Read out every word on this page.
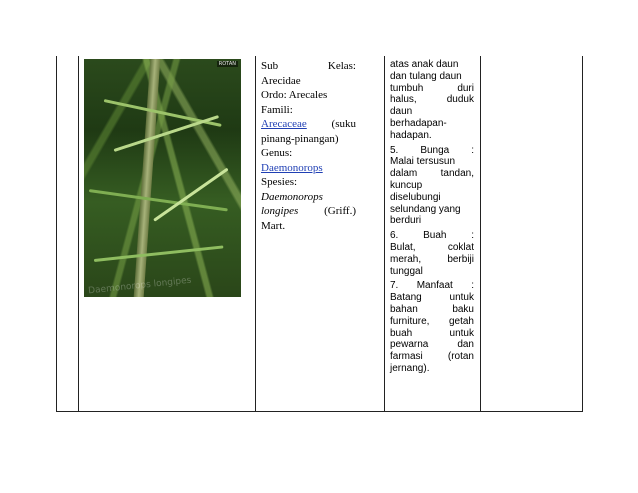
ROTAN
Daemonorops longipes

Sub	Kelas:

Arecidae

Ordo: Arecales

Famili:

Arecaceae (suku

pinang-pinangan)

Genus:

Daemonorops

Spesies:

Daemonorops

longipes (Griff.)

Mart.

atas anak daun
dan tulang daun
tumbuh	duri
halus,	duduk
daun
berhadapan-
hadapan.
5. Bunga :
Malai tersusun
dalam tandan,
kuncup
diselubungi
selundang yang
berduri
6. Buah :
Bulat,	coklat
merah,	berbiji
tunggal
7. Manfaat :
Batang	untuk
bahan	baku
furniture, getah
buah	untuk
pewarna	dan
farmasi	(rotan
jernang).
